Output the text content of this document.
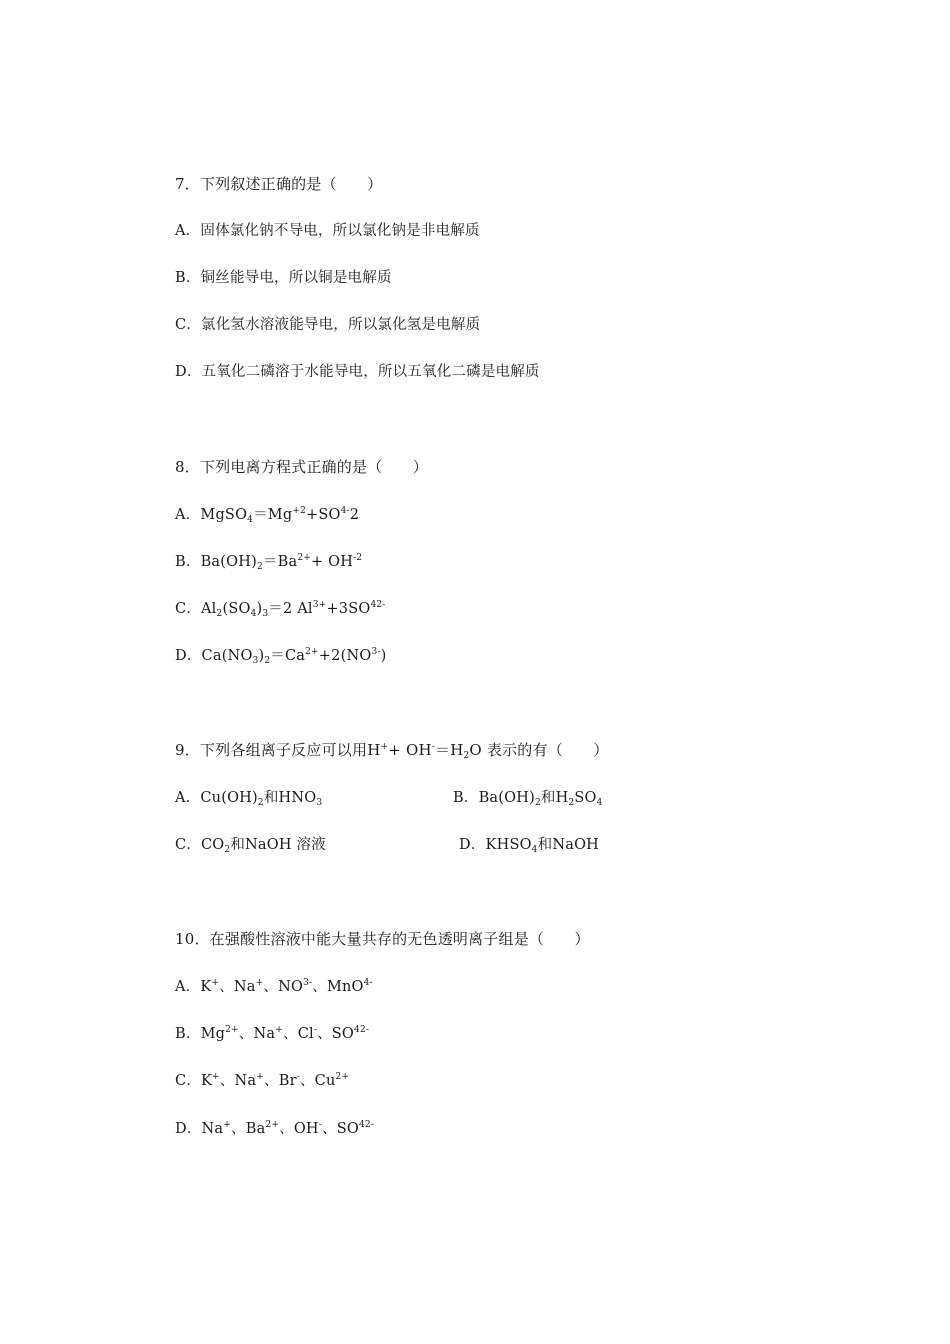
7．下列叙述正确的是（　　）
A．固体氯化钠不导电，所以氯化钠是非电解质
B．铜丝能导电，所以铜是电解质
C．氯化氢水溶液能导电，所以氯化氢是电解质
D．五氧化二磷溶于水能导电，所以五氧化二磷是电解质
8．下列电离方程式正确的是（　　）
A．$MgSO_4=Mg^{+2}+SO^{4-}2$
B．$Ba(OH)_2=Ba^{2+}+ OH^{-2}$
C．$Al_2(SO_4)_3=2$ $Al^{3+}+3SO^{42-}$
D．$Ca(NO_3)_2=Ca^{2+}+2(NO^{3-})$
9．下列各组离子反应可以用$H^++ OH^-=H_2O$ 表示的有（　　 ）
A．$Cu(OH)_2$和$HNO_3$	B．$Ba(OH)_2$和$H_2SO_4$
C．$CO_2$和NaOH 溶液	D．$KHSO_4$和NaOH
10．在强酸性溶液中能大量共存的无色透明离子组是（　　）
A．K+、Na+、$NO^{3-}$、MnO$^{4-}$
B．$Mg^{2+}$、Na+、Cl-、$SO^{42-}$
C．K+、Na+、Br-、$Cu^{2+}$
D．Na+、$Ba^{2+}$、OH-、$SO^{42-}$
